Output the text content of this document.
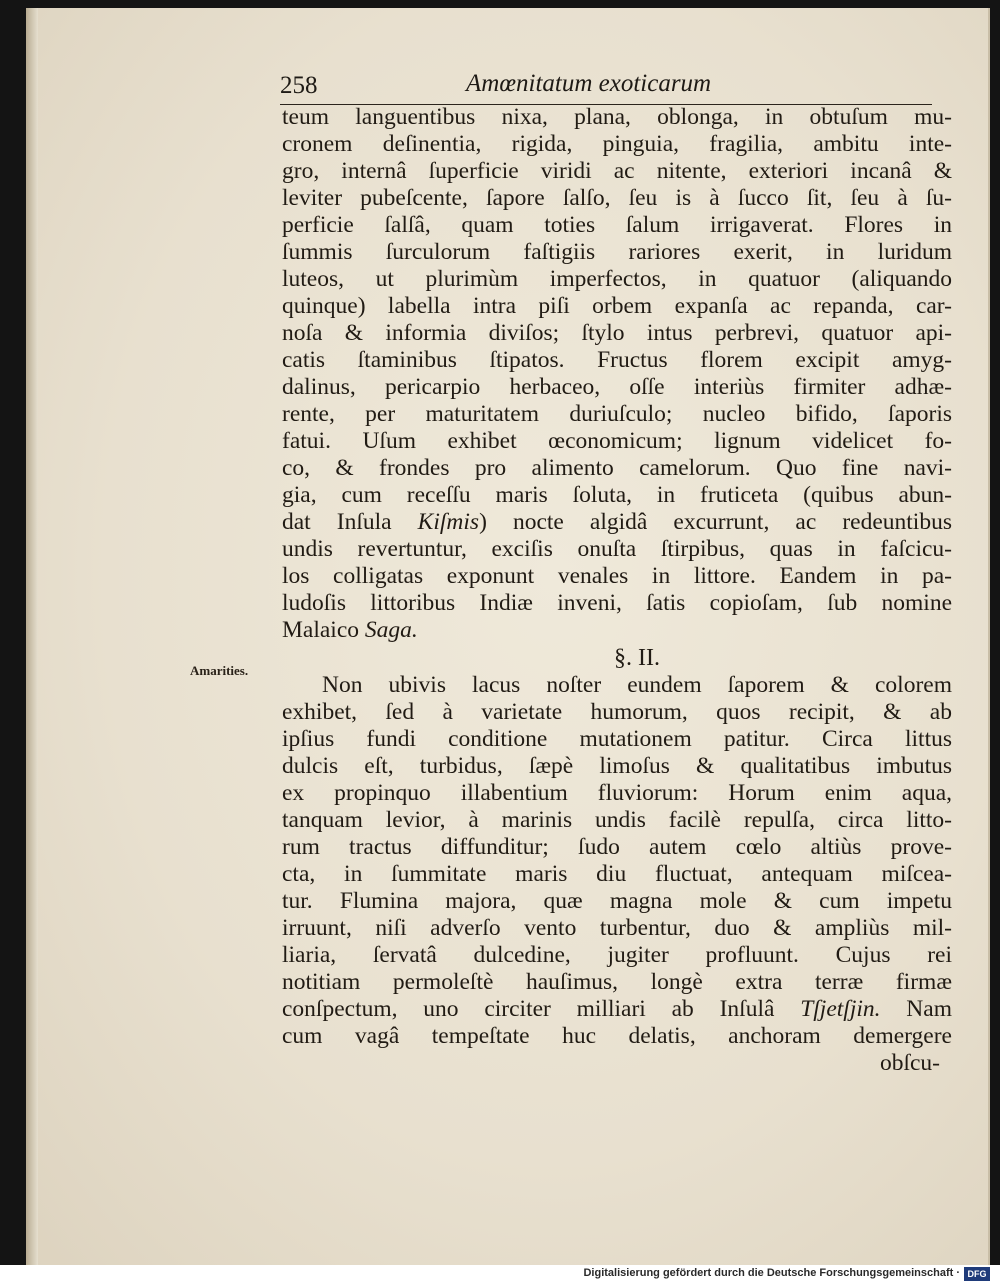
258	Amœnitatum exoticarum
Amarities.
teum languentibus nixa, plana, oblonga, in obtuſum mu-
cronem deſinentia, rigida, pinguia, fragilia, ambitu inte-
gro, internâ ſuperficie viridi ac nitente, exteriori incanâ &
leviter pubeſcente, ſapore ſalſo, ſeu is à ſucco ſit, ſeu à ſu-
perficie ſalſâ, quam toties ſalum irrigaverat. Flores in
ſummis ſurculorum faſtigiis rariores exerit, in luridum
luteos, ut plurimùm imperfectos, in quatuor (aliquando
quinque) labella intra piſi orbem expanſa ac repanda, car-
noſa & informia diviſos; ſtylo intus perbrevi, quatuor api-
catis ſtaminibus ſtipatos. Fructus florem excipit amyg-
dalinus, pericarpio herbaceo, oſſe interiùs firmiter adhæ-
rente, per maturitatem duriuſculo; nucleo bifido, ſaporis
fatui. Uſum exhibet œconomicum; lignum videlicet fo-
co, & frondes pro alimento camelorum. Quo fine navi-
gia, cum receſſu maris ſoluta, in fruticeta (quibus abun-
dat Inſula Kiſmis) nocte algidâ excurrunt, ac redeuntibus
undis revertuntur, exciſis onuſta ſtirpibus, quas in faſcicu-
los colligatas exponunt venales in littore. Eandem in pa-
ludoſis littoribus Indiæ inveni, ſatis copioſam, ſub nomine
Malaico Saga.
§. II.
Non ubivis lacus noſter eundem ſaporem & colorem
exhibet, ſed à varietate humorum, quos recipit, & ab
ipſius fundi conditione mutationem patitur. Circa littus
dulcis eſt, turbidus, ſæpè limoſus & qualitatibus imbutus
ex propinquo illabentium fluviorum: Horum enim aqua,
tanquam levior, à marinis undis facilè repulſa, circa litto-
rum tractus diffunditur; ſudo autem cœlo altiùs prove-
cta, in ſummitate maris diu fluctuat, antequam miſcea-
tur. Flumina majora, quæ magna mole & cum impetu
irruunt, niſi adverſo vento turbentur, duo & ampliùs mil-
liaria, ſervatâ dulcedine, jugiter profluunt. Cujus rei
notitiam permoleſtè hauſimus, longè extra terræ firmæ
conſpectum, uno circiter milliari ab Inſulâ Tſjetſjin. Nam
cum vagâ tempeſtate huc delatis, anchoram demergere
obſcu-
Digitalisierung gefördert durch die Deutsche Forschungsgemeinschaft · DFG
